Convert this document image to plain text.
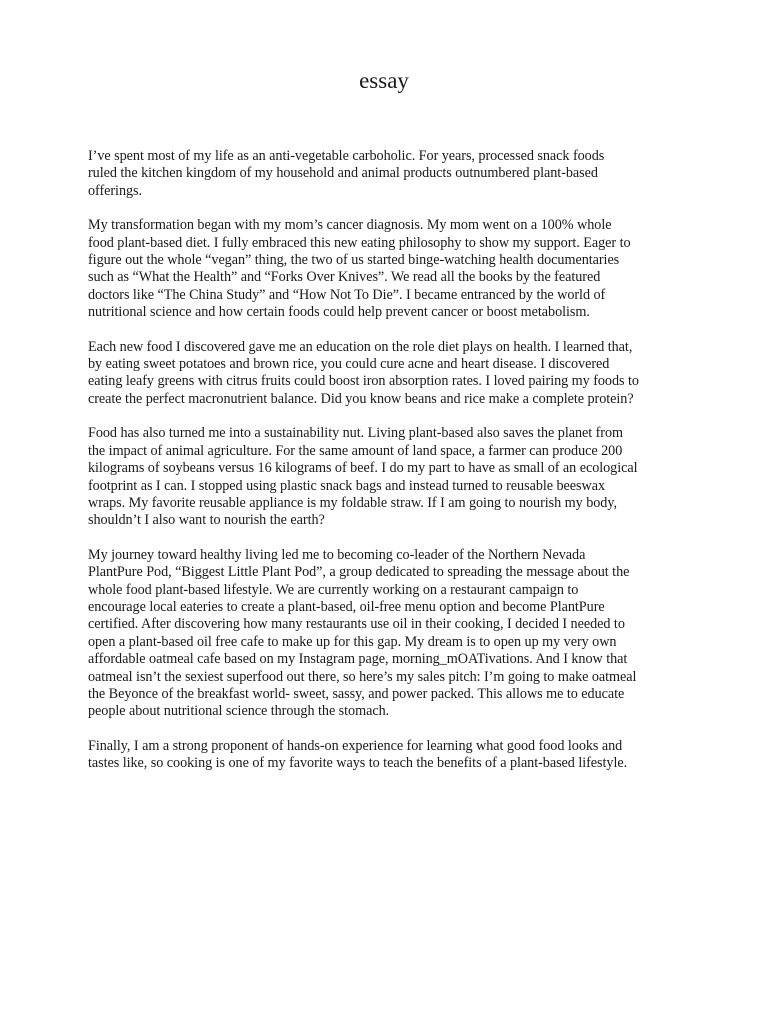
essay

I’ve spent most of my life as an anti-vegetable carboholic. For years, processed snack foods
ruled the kitchen kingdom of my household and animal products outnumbered plant-based
offerings.

My transformation began with my mom’s cancer diagnosis. My mom went on a 100% whole
food plant-based diet. I fully embraced this new eating philosophy to show my support. Eager to
figure out the whole “vegan” thing, the two of us started binge-watching health documentaries
such as “What the Health” and “Forks Over Knives”. We read all the books by the featured
doctors like “The China Study” and “How Not To Die”. I became entranced by the world of
nutritional science and how certain foods could help prevent cancer or boost metabolism.

Each new food I discovered gave me an education on the role diet plays on health. I learned that,
by eating sweet potatoes and brown rice, you could cure acne and heart disease. I discovered
eating leafy greens with citrus fruits could boost iron absorption rates. I loved pairing my foods to
create the perfect macronutrient balance. Did you know beans and rice make a complete protein?

Food has also turned me into a sustainability nut. Living plant-based also saves the planet from
the impact of animal agriculture. For the same amount of land space, a farmer can produce 200
kilograms of soybeans versus 16 kilograms of beef. I do my part to have as small of an ecological
footprint as I can. I stopped using plastic snack bags and instead turned to reusable beeswax
wraps. My favorite reusable appliance is my foldable straw. If I am going to nourish my body,
shouldn’t I also want to nourish the earth?

My journey toward healthy living led me to becoming co-leader of the Northern Nevada
PlantPure Pod, “Biggest Little Plant Pod”, a group dedicated to spreading the message about the
whole food plant-based lifestyle. We are currently working on a restaurant campaign to
encourage local eateries to create a plant-based, oil-free menu option and become PlantPure
certified. After discovering how many restaurants use oil in their cooking, I decided I needed to
open a plant-based oil free cafe to make up for this gap. My dream is to open up my very own
affordable oatmeal cafe based on my Instagram page, morning_mOATivations. And I know that
oatmeal isn’t the sexiest superfood out there, so here’s my sales pitch: I’m going to make oatmeal
the Beyonce of the breakfast world- sweet, sassy, and power packed. This allows me to educate
people about nutritional science through the stomach.

Finally, I am a strong proponent of hands-on experience for learning what good food looks and
tastes like, so cooking is one of my favorite ways to teach the benefits of a plant-based lifestyle.
